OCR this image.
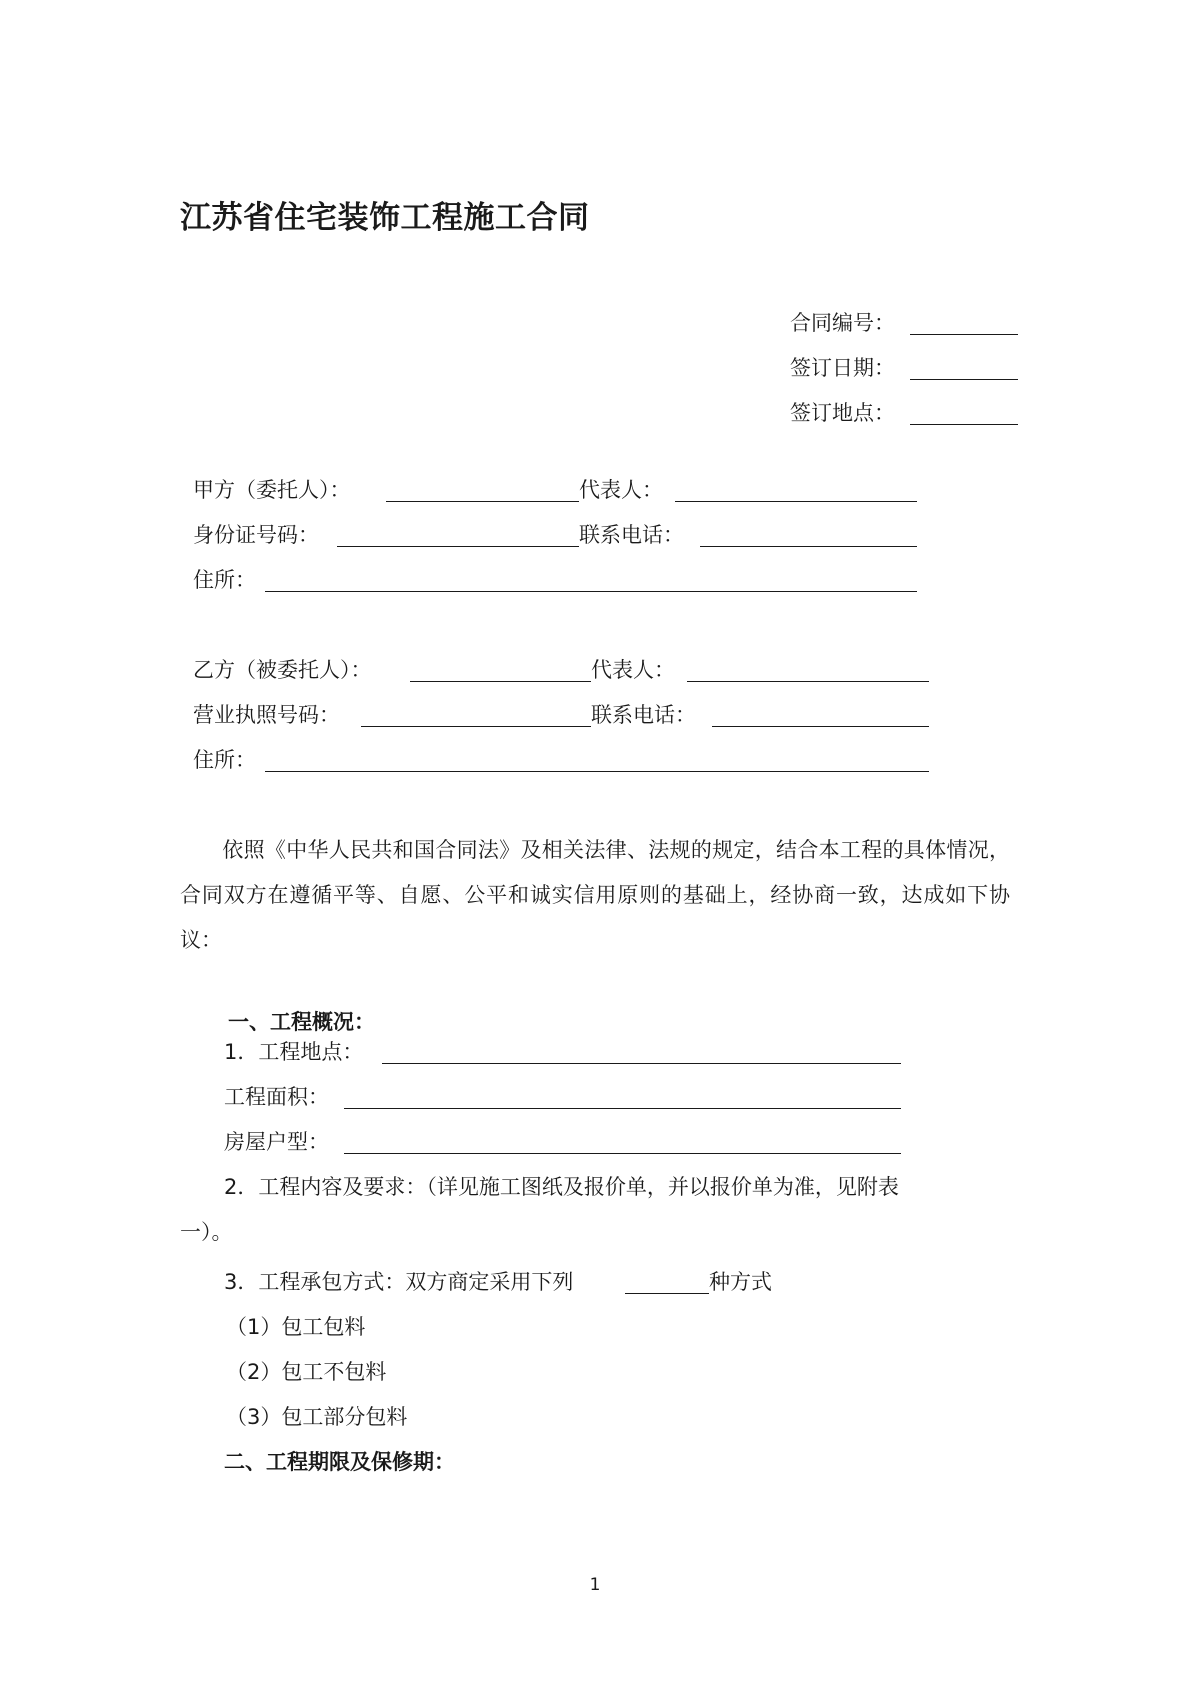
江苏省住宅装饰工程施工合同
合同编号：
签订日期：
签订地点：
甲方（委托人）：	代表人：
身份证号码：	联系电话：
住所：
乙方（被委托人）：	代表人：
营业执照号码：	联系电话：
住所：
依照《中华人民共和国合同法》及相关法律、法规的规定，结合本工程的具体情况，合同双方在遵循平等、自愿、公平和诚实信用原则的基础上，经协商一致，达成如下协议：
一、工程概况：
1．工程地点：
工程面积：
房屋户型：
2．工程内容及要求：（详见施工图纸及报价单，并以报价单为准，见附表
一）。
3．工程承包方式：双方商定采用下列	种方式
（1）包工包料
（2）包工不包料
（3）包工部分包料
二、工程期限及保修期：
1
